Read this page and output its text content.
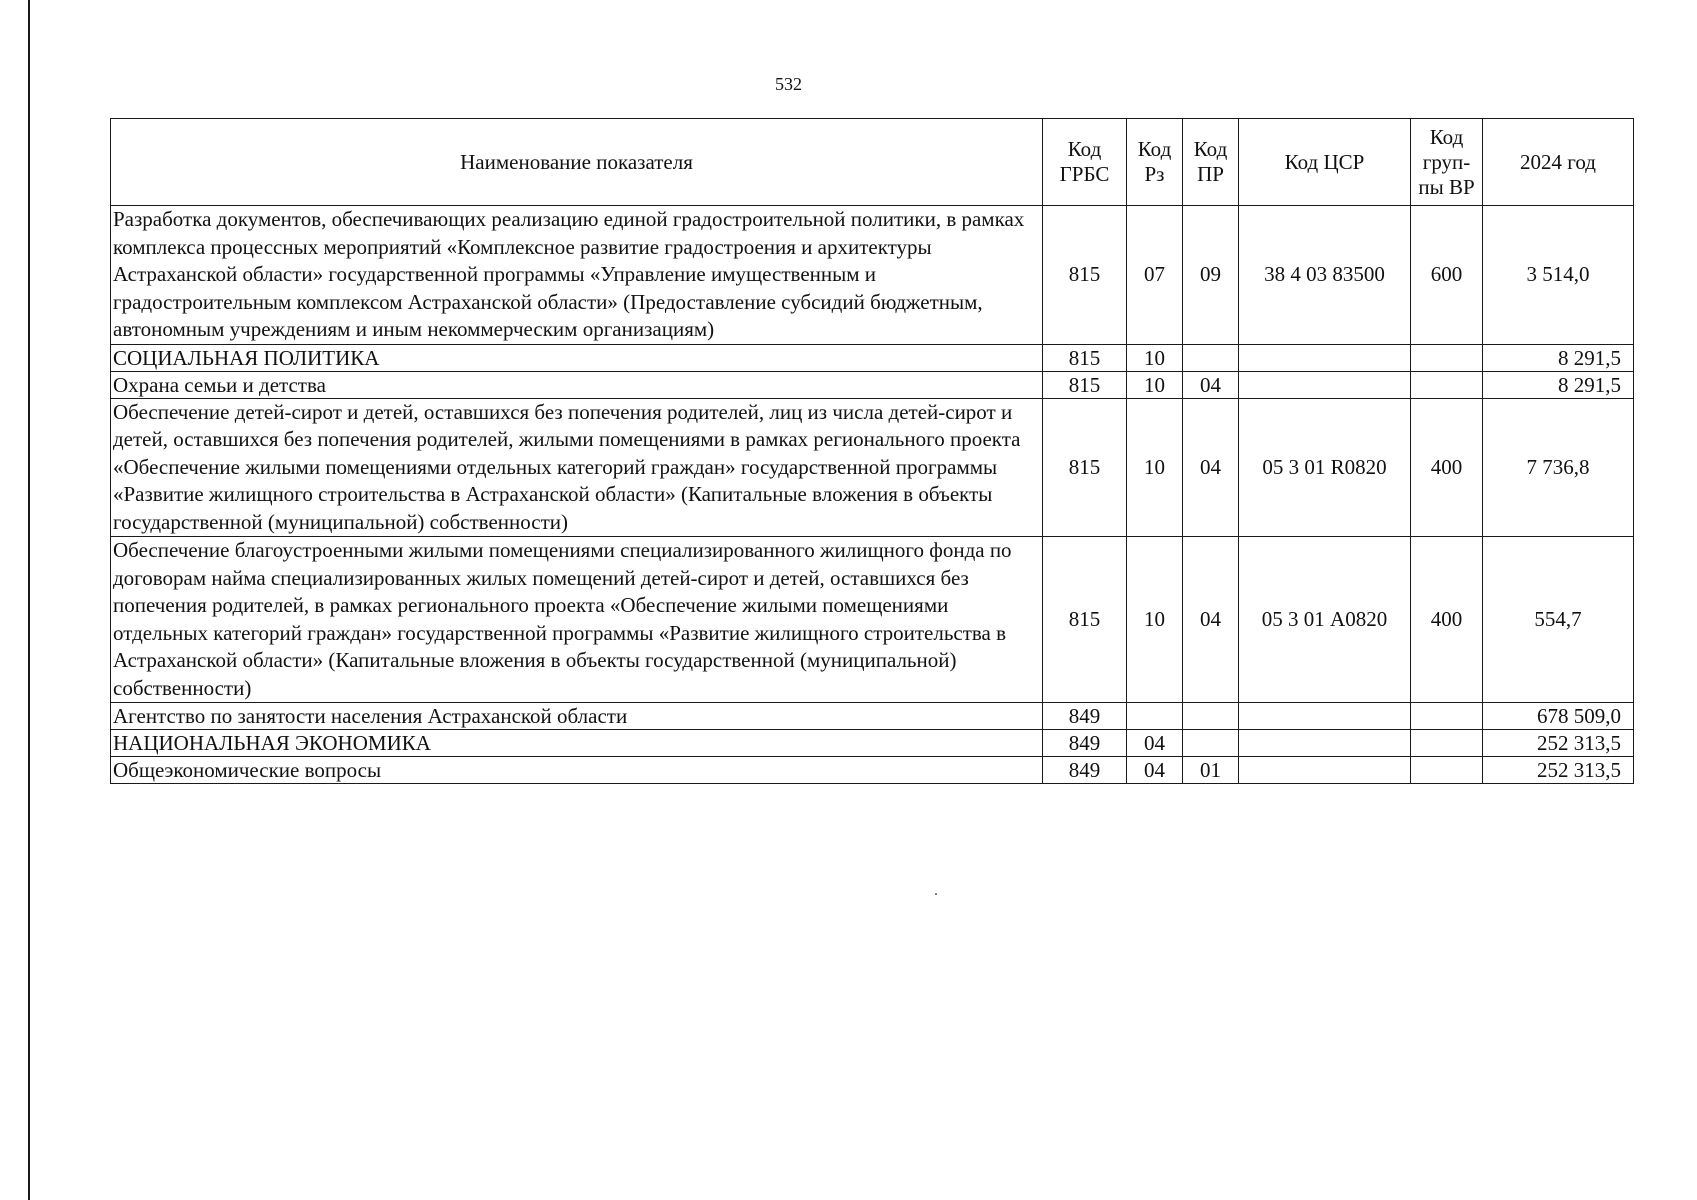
532
Наименование показателя	Код ГРБС	Код Рз	Код ПР	Код ЦСР	Код груп-пы ВР	2024 год
Разработка документов, обеспечивающих реализацию единой градостроительной политики, в рамках комплекса процессных мероприятий «Комплексное развитие градостроения и архитектуры Астраханской области» государственной программы «Управление имущественным и градостроительным комплексом Астраханской области» (Предоставление субсидий бюджетным, автономным учреждениям и иным некоммерческим организациям)	815	07	09	38 4 03 83500	600	3 514,0
СОЦИАЛЬНАЯ ПОЛИТИКА	815	10				8 291,5
Охрана семьи и детства	815	10	04			8 291,5
Обеспечение детей-сирот и детей, оставшихся без попечения родителей, лиц из числа детей-сирот и детей, оставшихся без попечения родителей, жилыми помещениями в рамках регионального проекта «Обеспечение жилыми помещениями отдельных категорий граждан» государственной программы «Развитие жилищного строительства в Астраханской области» (Капитальные вложения в объекты государственной (муниципальной) собственности)	815	10	04	05 3 01 R0820	400	7 736,8
Обеспечение благоустроенными жилыми помещениями специализированного жилищного фонда по договорам найма специализированных жилых помещений детей-сирот и детей, оставшихся без попечения родителей, в рамках регионального проекта «Обеспечение жилыми помещениями отдельных категорий граждан» государственной программы «Развитие жилищного строительства в Астраханской области» (Капитальные вложения в объекты государственной (муниципальной) собственности)	815	10	04	05 3 01 А0820	400	554,7
Агентство по занятости населения Астраханской области	849					678 509,0
НАЦИОНАЛЬНАЯ ЭКОНОМИКА	849	04				252 313,5
Общеэкономические вопросы	849	04	01			252 313,5
